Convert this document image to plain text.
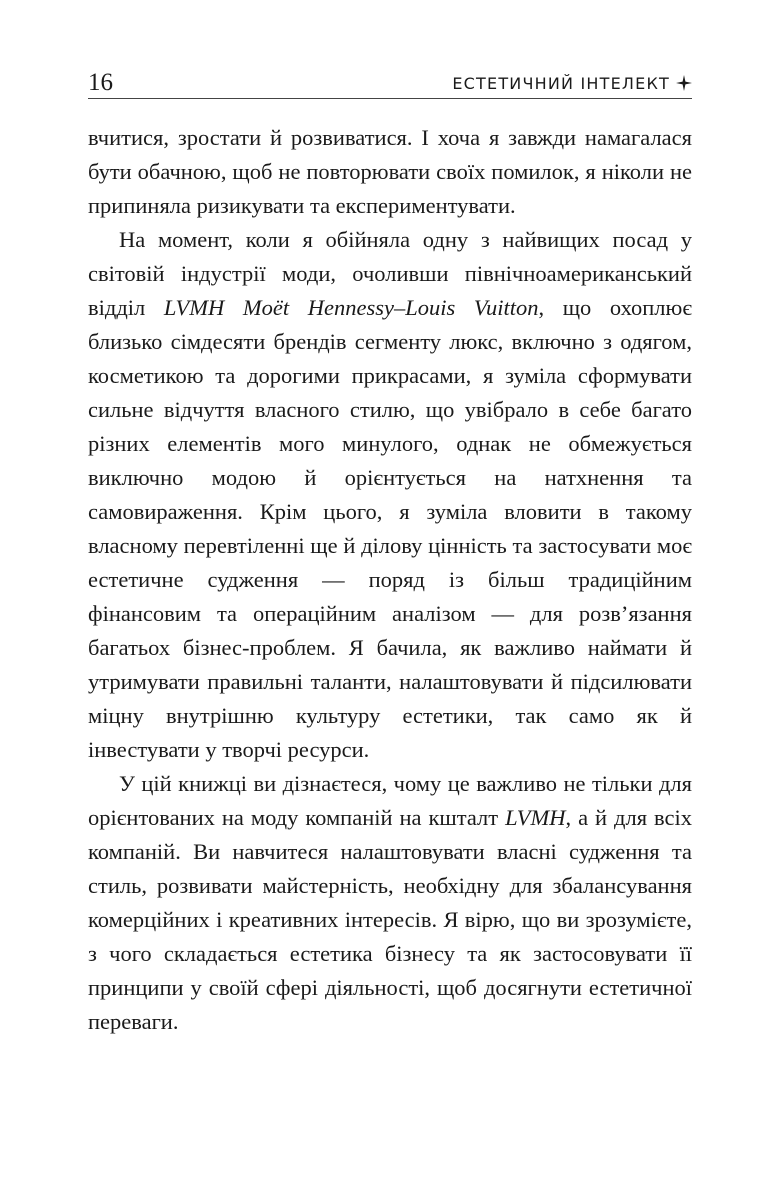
16	ЕСТЕТИЧНИЙ ІНТЕЛЕКТ

вчитися, зростати й розвиватися. І хоча я завжди намагалася бути обачною, щоб не повторювати своїх помилок, я ніколи не припиняла ризикувати та експериментувати.

На момент, коли я обійняла одну з найвищих посад у світовій індустрії моди, очоливши північноамериканський відділ LVMH Moët Hennessy–Louis Vuitton, що охоплює близько сімдесяти брендів сегменту люкс, включно з одягом, косметикою та дорогими прикрасами, я зуміла сформувати сильне відчуття власного стилю, що увібрало в себе багато різних елементів мого минулого, однак не обмежується виключно модою й орієнтується на натхнення та самовираження. Крім цього, я зуміла вловити в такому власному перевтіленні ще й ділову цінність та застосувати моє естетичне судження — поряд із більш традиційним фінансовим та операційним аналізом — для розв’язання багатьох бізнес-проблем. Я бачила, як важливо наймати й утримувати правильні таланти, налаштовувати й підсилювати міцну внутрішню культуру естетики, так само як й інвестувати у творчі ресурси.

У цій книжці ви дізнаєтеся, чому це важливо не тільки для орієнтованих на моду компаній на кшталт LVMH, а й для всіх компаній. Ви навчитеся налаштовувати власні судження та стиль, розвивати майстерність, необхідну для збалансування комерційних і креативних інтересів. Я вірю, що ви зрозумієте, з чого складається естетика бізнесу та як застосовувати її принципи у своїй сфері діяльності, щоб досягнути естетичної переваги.
